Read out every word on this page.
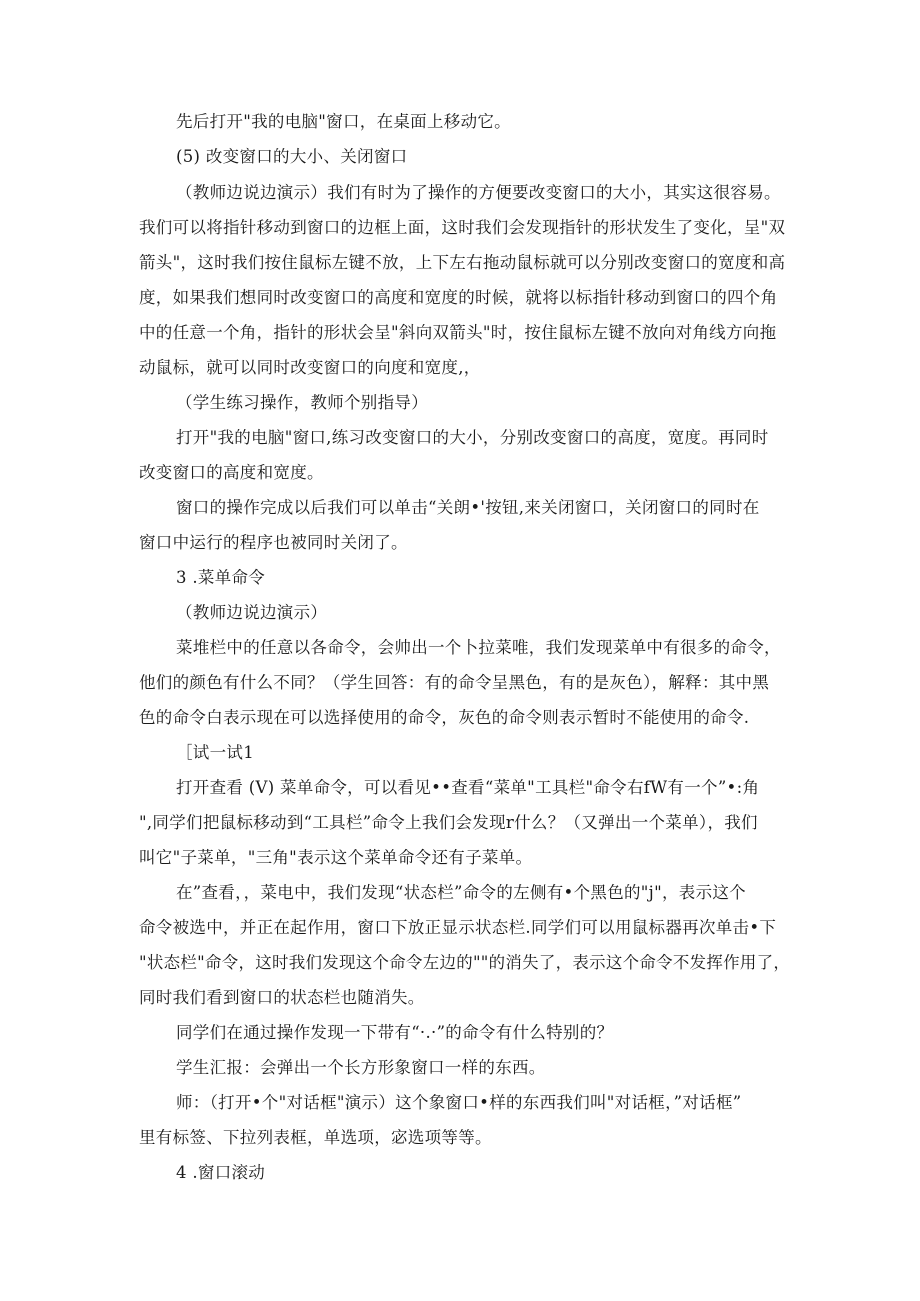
先后打开"我的电脑"窗口，在桌面上移动它。
(5) 改变窗口的大小、关闭窗口
（教师边说边演示）我们有时为了操作的方便要改变窗口的大小，其实这很容易。
我们可以将指针移动到窗口的边框上面，这时我们会发现指针的形状发生了变化，呈"双
箭头"，这时我们按住鼠标左键不放，上下左右拖动鼠标就可以分别改变窗口的宽度和高
度，如果我们想同时改变窗口的高度和宽度的时候，就将以标指针移动到窗口的四个角
中的任意一个角，指针的形状会呈"斜向双箭头"时，按住鼠标左键不放向对角线方向拖
动鼠标，就可以同时改变窗口的向度和宽度,，
（学生练习操作，教师个别指导）
打开"我的电脑"窗口,练习改变窗口的大小，分别改变窗口的高度，宽度。再同时
改变窗口的高度和宽度。
窗口的操作完成以后我们可以单击“关朗•'按钮,来关闭窗口，关闭窗口的同时在
窗口中运行的程序也被同时关闭了。
3 .菜单命令
（教师边说边演示）
菜堆栏中的任意以各命令，会帅出一个卜拉菜唯，我们发现菜单中有很多的命令，
他们的颜色有什么不同？（学生回答：有的命令呈黑色，有的是灰色），解释：其中黑
色的命令白表示现在可以选择使用的命令，灰色的命令则表示暂时不能使用的命令.
［试一试1
打开查看 (V) 菜单命令，可以看见••查看“菜单"工具栏"命令右fW有一个”•:角
",同学们把鼠标移动到“工具栏”命令上我们会发现r什么？（又弹出一个菜单），我们
叫它"子菜单，"三角"表示这个菜单命令还有子菜单。
在”查看，，菜电中，我们发现“状态栏”命令的左侧有•个黑色的"j"，表示这个
命令被选中，并正在起作用，窗口下放正显示状态栏.同学们可以用鼠标器再次单击•下
"状态栏"命令，这时我们发现这个命令左边的""的消失了，表示这个命令不发挥作用了，
同时我们看到窗口的状态栏也随消失。
同学们在通过操作发现一下带有“·.·”的命令有什么特别的？
学生汇报：会弹出一个长方形象窗口一样的东西。
师：（打开•个"对话框"演示）这个象窗口•样的东西我们叫"对话框，”对话框”
里有标签、下拉列表框，单选项，宓选项等等。
4 .窗口滚动
